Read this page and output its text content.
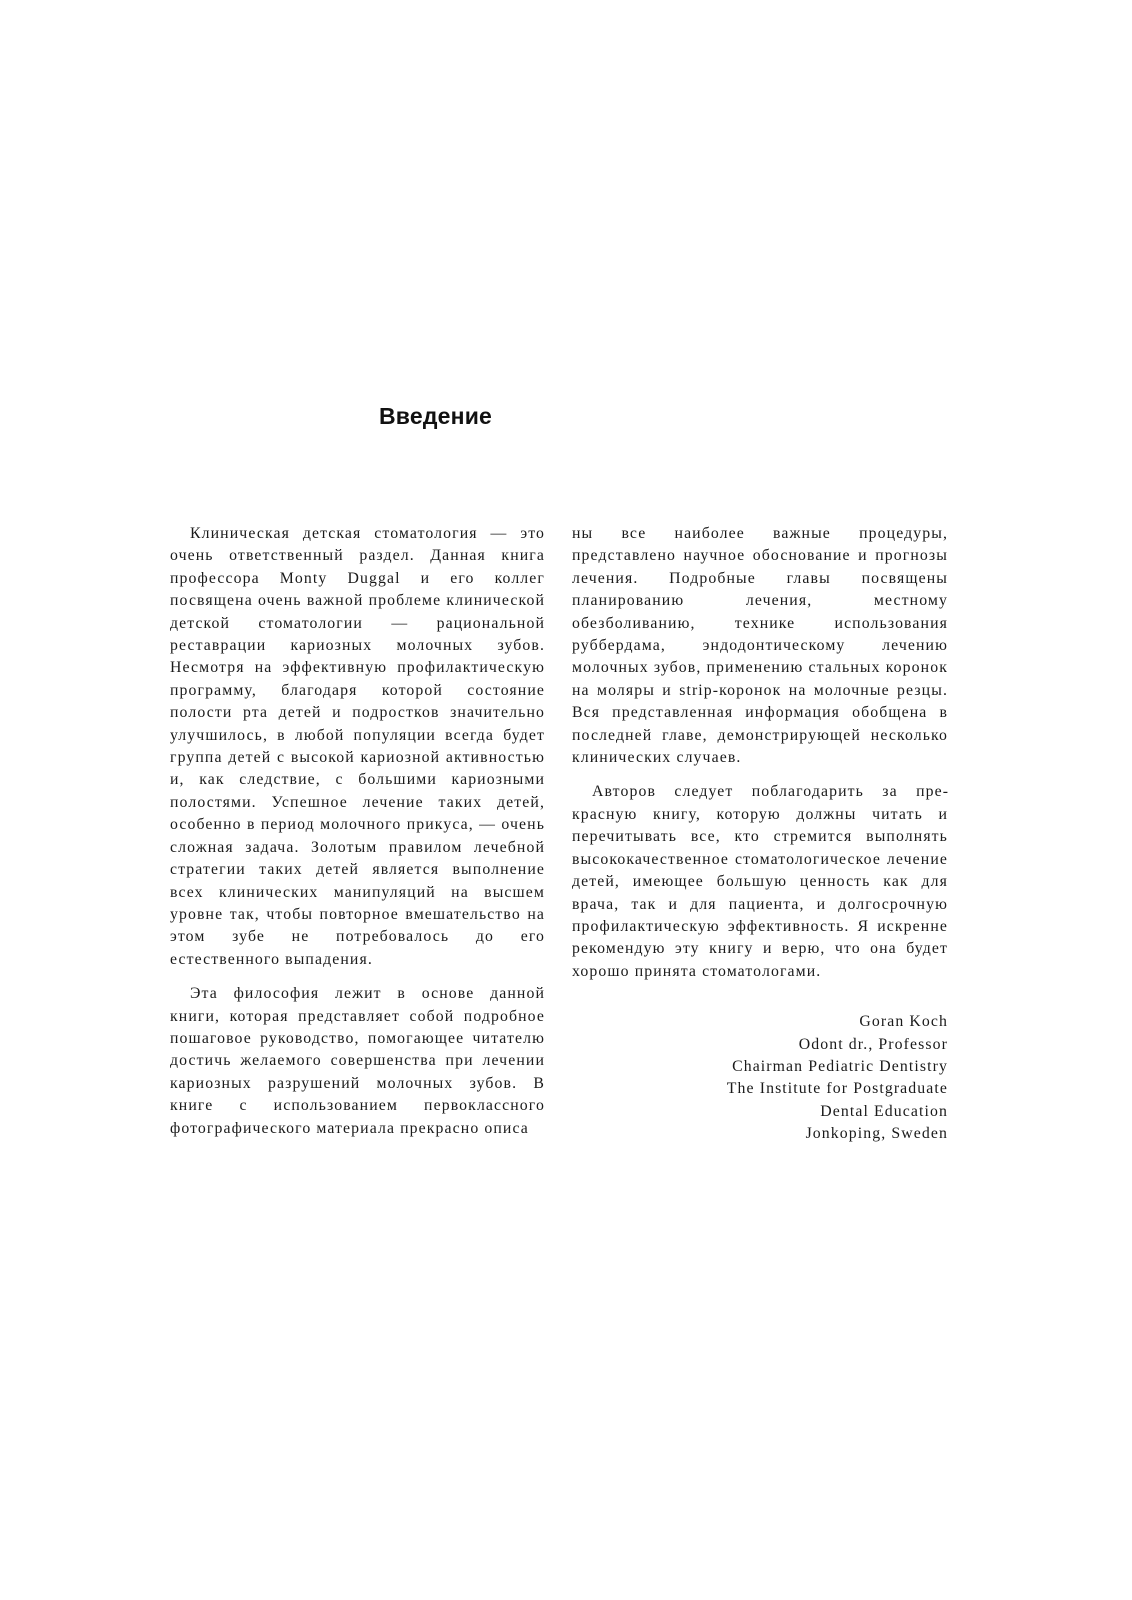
Введение

Клиническая детская стоматология — это очень ответственный раздел. Данная книга профессора Monty Duggal и его коллег посвящена очень важной проблеме клинической детской стоматологии — рациональной реставрации кариозных молочных зубов. Несмотря на эффективную профилактическую программу, благодаря которой состояние полости рта детей и подростков значительно улучшилось, в любой популяции всегда будет группа детей с высокой кариозной активностью и, как следствие, с большими кариозными полостями. Успешное лечение таких детей, особенно в период молочного прикуса, — очень сложная задача. Золотым правилом лечебной стратегии таких детей является выполнение всех клинических манипуляций на высшем уровне так, чтобы повторное вмешательство на этом зубе не потребовалось до его естественного выпадения.

Эта философия лежит в основе данной книги, которая представляет собой подробное пошаговое руководство, помогающее читателю достичь желаемого совершенства при лечении кариозных разрушений молочных зубов. В книге с использованием первоклассного фотографического материала прекрасно описа

ны все наиболее важные процедуры, представлено научное обоснование и прогнозы лечения. Подробные главы посвящены планированию лечения, местному обезболиванию, технике использования руббердама, эндодонтическому лечению молочных зубов, применению стальных коронок на моляры и strip-коронок на молочные резцы. Вся представленная информация обобщена в последней главе, демонстрирующей несколько клинических случаев.

Авторов следует поблагодарить за прекрасную книгу, которую должны читать и перечитывать все, кто стремится выполнять высококачественное стоматологическое лечение детей, имеющее большую ценность как для врача, так и для пациента, и долгосрочную профилактическую эффективность. Я искренне рекомендую эту книгу и верю, что она будет хорошо принята стоматологами.

Goran Koch
Odont dr., Professor
Chairman Pediatric Dentistry
The Institute for Postgraduate
Dental Education
Jonkoping, Sweden
